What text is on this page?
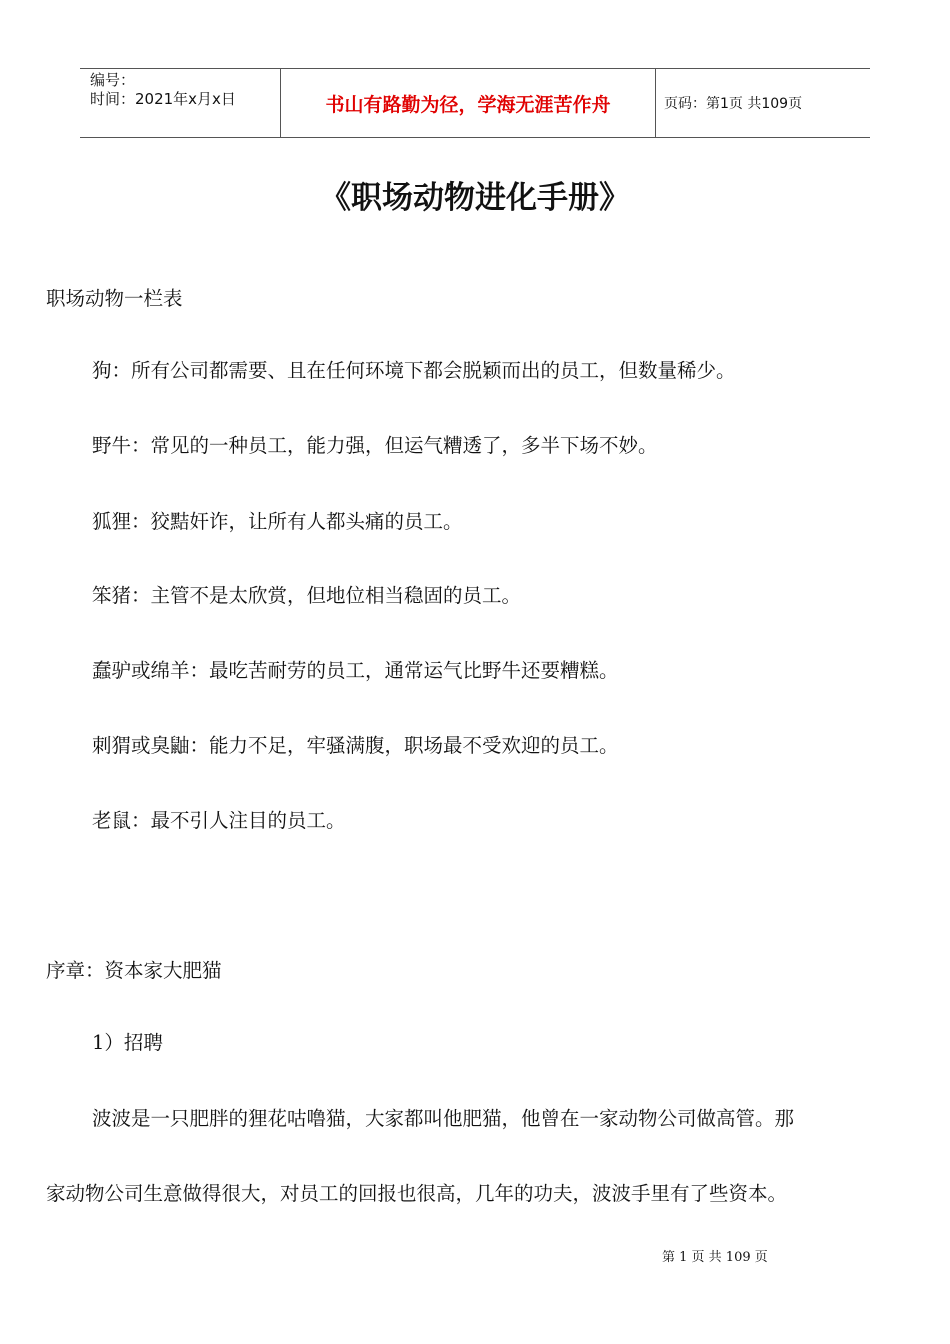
编号：
时间：2021年x月x日	书山有路勤为径，学海无涯苦作舟	页码：第1页 共109页
《职场动物进化手册》
职场动物一栏表
狗：所有公司都需要、且在任何环境下都会脱颖而出的员工，但数量稀少。
野牛：常见的一种员工，能力强，但运气糟透了，多半下场不妙。
狐狸：狡黠奸诈，让所有人都头痛的员工。
笨猪：主管不是太欣赏，但地位相当稳固的员工。
蠢驴或绵羊：最吃苦耐劳的员工，通常运气比野牛还要糟糕。
刺猬或臭鼬：能力不足，牢骚满腹，职场最不受欢迎的员工。
老鼠：最不引人注目的员工。
序章：资本家大肥猫
1）招聘
波波是一只肥胖的狸花咕噜猫，大家都叫他肥猫，他曾在一家动物公司做高管。那
家动物公司生意做得很大，对员工的回报也很高，几年的功夫，波波手里有了些资本。
第 1 页 共 109 页
